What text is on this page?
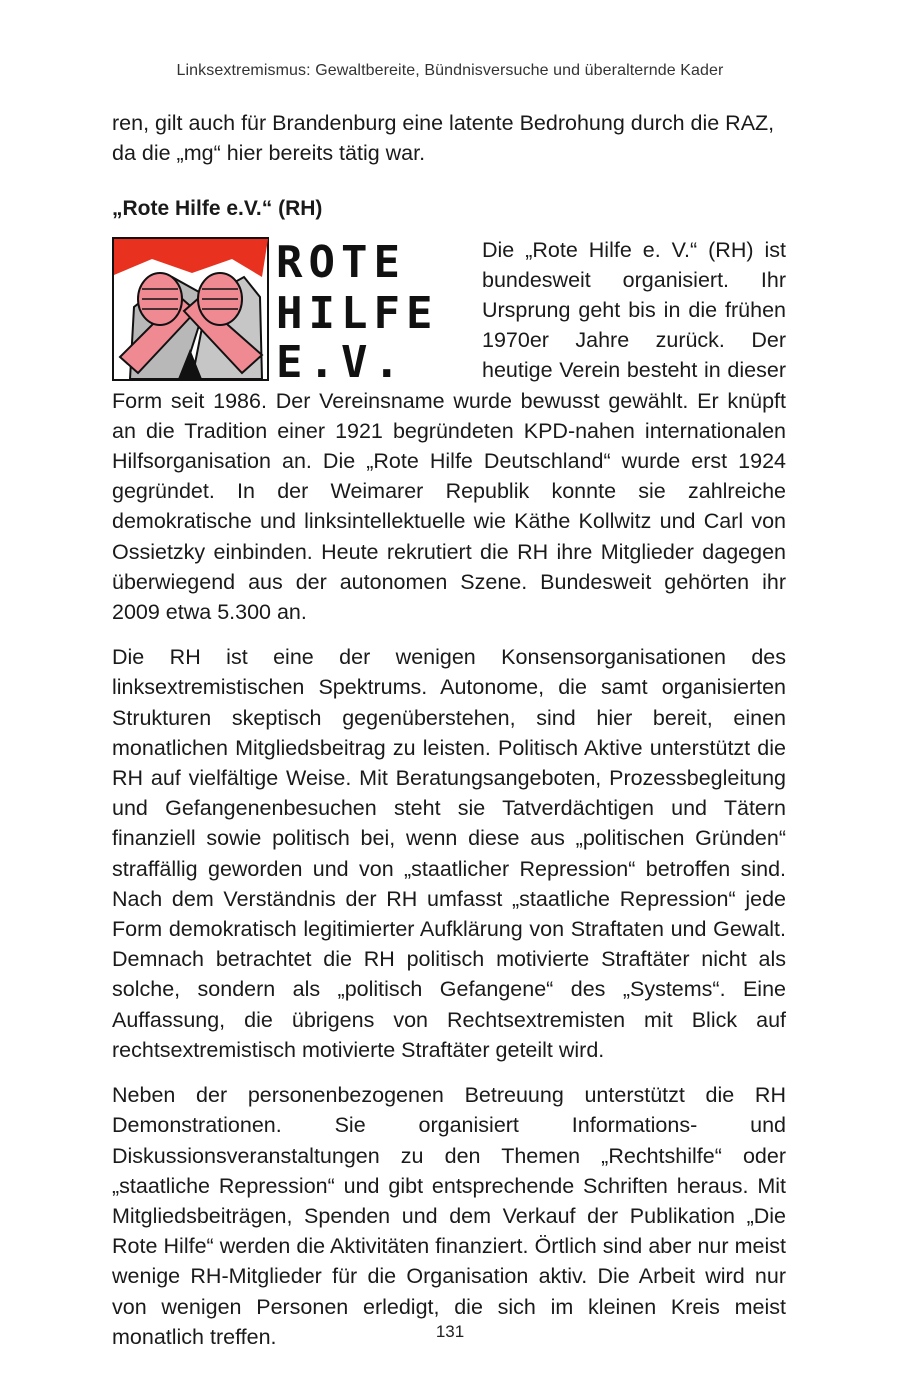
Linksextremismus: Gewaltbereite, Bündnisversuche und überalternde Kader

ren, gilt auch für Brandenburg eine latente Bedrohung durch die RAZ, da die „mg“ hier bereits tätig war.

„Rote Hilfe e.V.“ (RH)
ROTE
HILFE
E.V.

Die „Rote Hilfe e. V.“ (RH) ist bundesweit organisiert. Ihr Ursprung geht bis in die frühen 1970er Jahre zurück. Der heutige Verein besteht in dieser Form seit 1986. Der Vereinsname wurde bewusst gewählt. Er knüpft an die Tradition einer 1921 begründeten KPD-nahen internationalen Hilfsorganisation an. Die „Rote Hilfe Deutschland“ wurde erst 1924 gegründet. In der Weimarer Republik konnte sie zahlreiche demokratische und linksintellektuelle wie Käthe Kollwitz und Carl von Ossietzky einbinden. Heute rekrutiert die RH ihre Mitglieder dagegen überwiegend aus der autonomen Szene. Bundesweit gehörten ihr 2009 etwa 5.300 an.

Die RH ist eine der wenigen Konsensorganisationen des linksextremistischen Spektrums. Autonome, die samt organisierten Strukturen skeptisch gegenüberstehen, sind hier bereit, einen monatlichen Mitgliedsbeitrag zu leisten. Politisch Aktive unterstützt die RH auf vielfältige Weise. Mit Beratungsangeboten, Prozessbegleitung und Gefangenenbesuchen steht sie Tatverdächtigen und Tätern finanziell sowie politisch bei, wenn diese aus „politischen Gründen“ straffällig geworden und von „staatlicher Repression“ betroffen sind. Nach dem Verständnis der RH umfasst „staatliche Repression“ jede Form demokratisch legitimierter Aufklärung von Straftaten und Gewalt. Demnach betrachtet die RH politisch motivierte Straftäter nicht als solche, sondern als „politisch Gefangene“ des „Systems“. Eine Auffassung, die übrigens von Rechtsextremisten mit Blick auf rechtsextremistisch motivierte Straftäter geteilt wird.

Neben der personenbezogenen Betreuung unterstützt die RH Demonstrationen. Sie organisiert Informations- und Diskussionsveranstaltungen zu den Themen „Rechtshilfe“ oder „staatliche Repression“ und gibt entsprechende Schriften heraus. Mit Mitgliedsbeiträgen, Spenden und dem Verkauf der Publikation „Die Rote Hilfe“ werden die Aktivitäten finanziert. Örtlich sind aber nur meist wenige RH-Mitglieder für die Organisation aktiv. Die Arbeit wird nur von wenigen Personen erledigt, die sich im kleinen Kreis meist monatlich treffen.	131
